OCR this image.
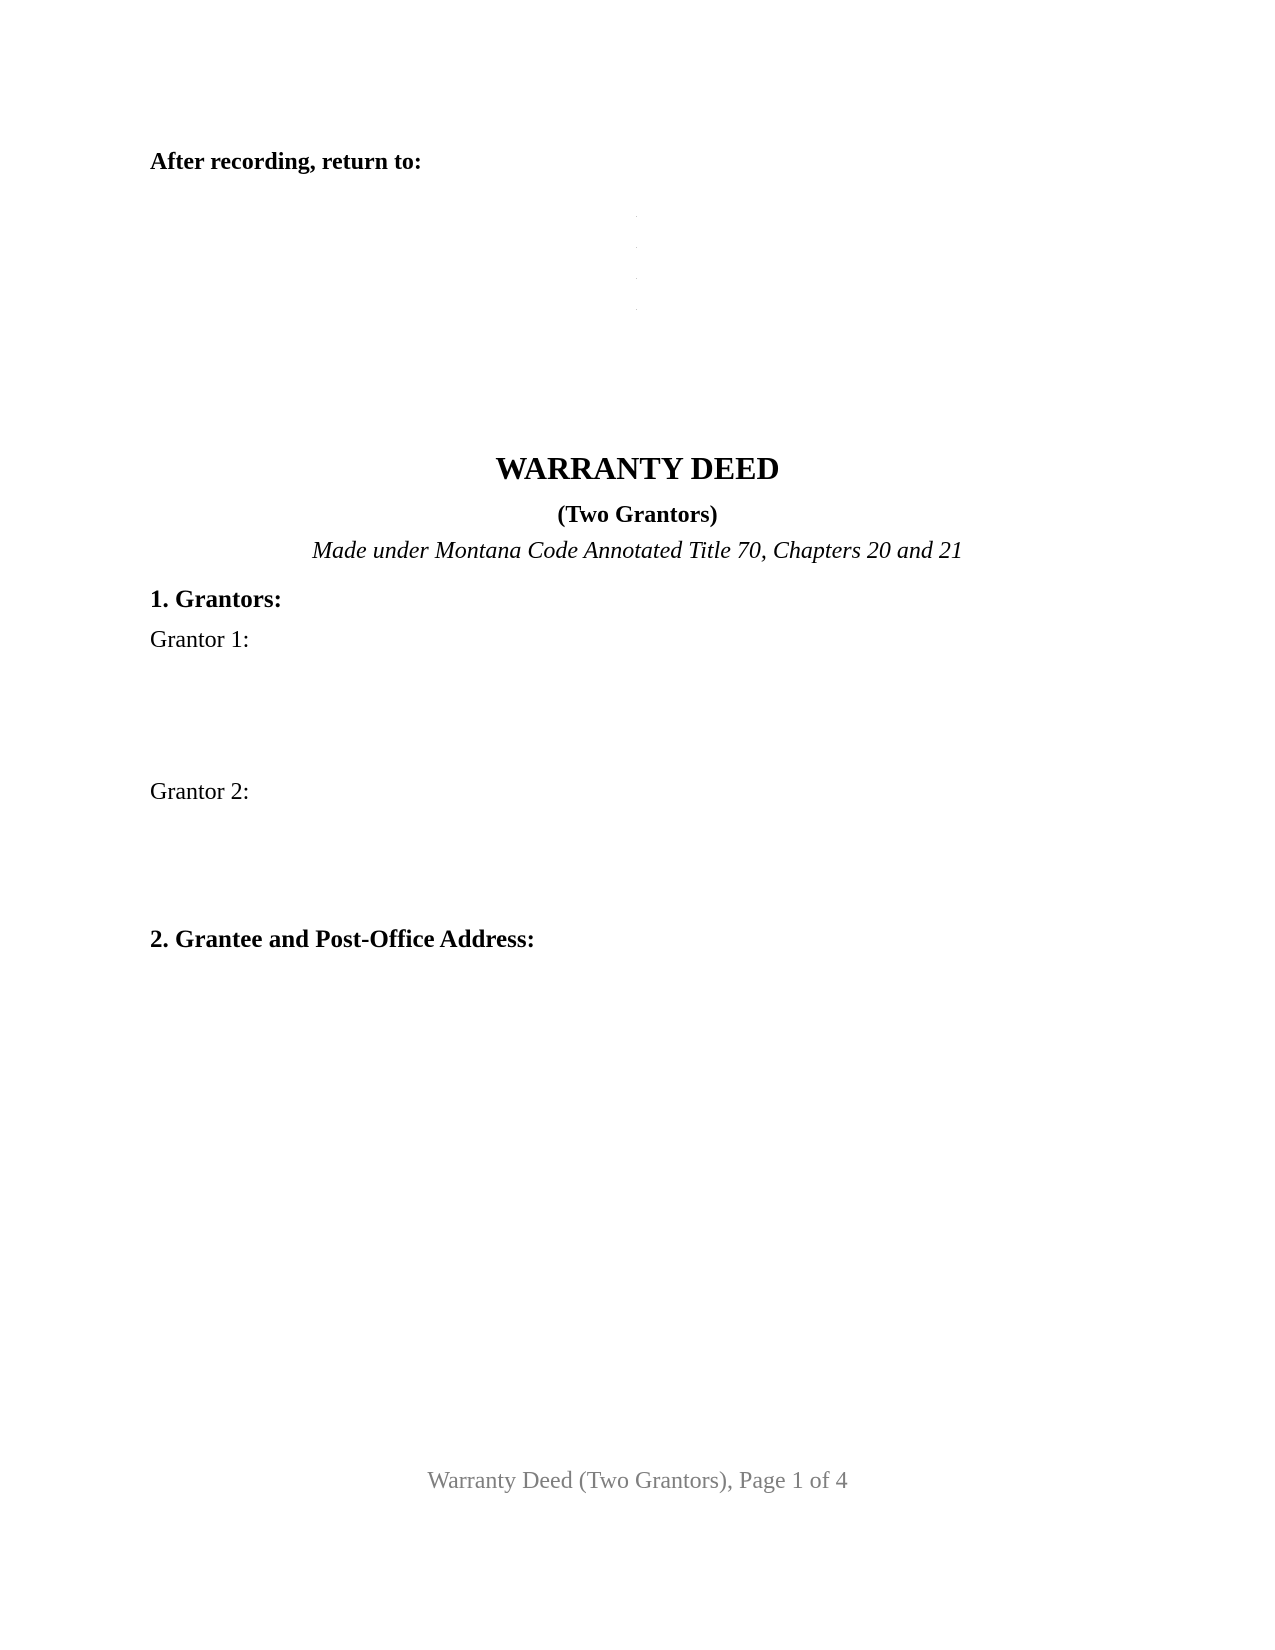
After recording, return to:
WARRANTY DEED
(Two Grantors)
Made under Montana Code Annotated Title 70, Chapters 20 and 21
1. Grantors:
Grantor 1:
Grantor 2:
2. Grantee and Post-Office Address:
Warranty Deed (Two Grantors), Page 1 of 4
